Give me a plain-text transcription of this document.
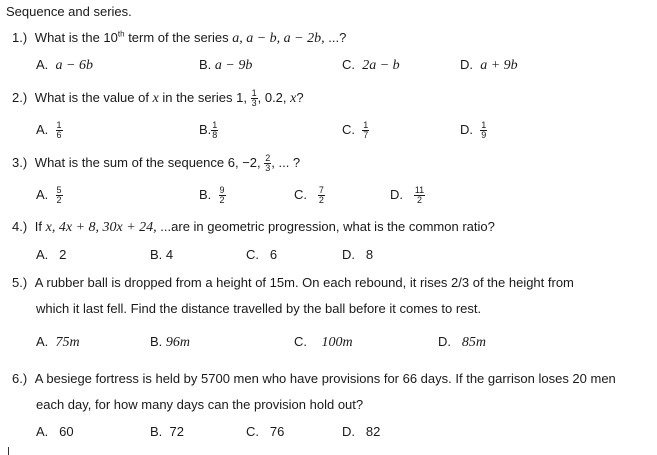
Sequence and series.
1.) What is the 10th term of the series a, a − b, a − 2b, ...?
A. a − 6b	B. a − 9b	C. 2a − b	D. a + 9b
2.) What is the value of x in the series 1, $\frac{1}{3}$ , 0.2, x?
A. $\frac{1}{6}$	B. $\frac{1}{8}$	C. $\frac{1}{7}$	D. $\frac{1}{9}$
3.) What is the sum of the sequence 6, −2, $\frac{2}{3}$ , ... ?
A. $\frac{5}{2}$	B. $\frac{9}{2}$	C. $\frac{7}{2}$	D. $\frac{11}{2}$
4.) If x, 4x + 8, 30x + 24, ...are in geometric progression, what is the common ratio?
A. 2	B. 4	C. 6	D. 8
5.) A rubber ball is dropped from a height of 15m. On each rebound, it rises 2/3 of the height from
which it last fell. Find the distance travelled by the ball before it comes to rest.
A. 75m	B. 96m	C. 100m	D. 85m
6.) A besiege fortress is held by 5700 men who have provisions for 66 days. If the garrison loses 20 men
each day, for how many days can the provision hold out?
A. 60	B. 72	C. 76	D. 82
